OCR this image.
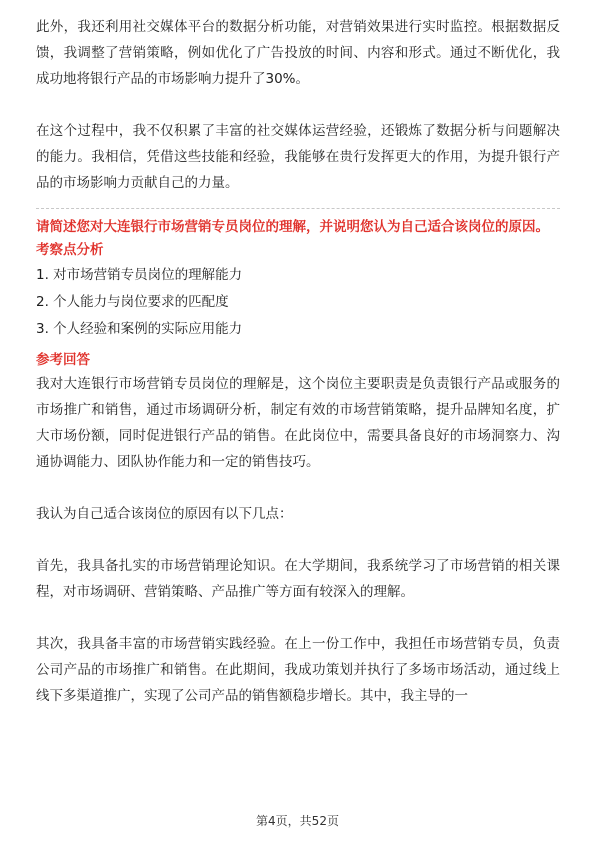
此外，我还利用社交媒体平台的数据分析功能，对营销效果进行实时监控。根据数据反馈，我调整了营销策略，例如优化了广告投放的时间、内容和形式。通过不断优化，我成功地将银行产品的市场影响力提升了30%。

在这个过程中，我不仅积累了丰富的社交媒体运营经验，还锻炼了数据分析与问题解决的能力。我相信，凭借这些技能和经验，我能够在贵行发挥更大的作用，为提升银行产品的市场影响力贡献自己的力量。

请简述您对大连银行市场营销专员岗位的理解，并说明您认为自己适合该岗位的原因。

考察点分析

1. 对市场营销专员岗位的理解能力

2. 个人能力与岗位要求的匹配度

3. 个人经验和案例的实际应用能力

参考回答

我对大连银行市场营销专员岗位的理解是，这个岗位主要职责是负责银行产品或服务的市场推广和销售，通过市场调研分析，制定有效的市场营销策略，提升品牌知名度，扩大市场份额，同时促进银行产品的销售。在此岗位中，需要具备良好的市场洞察力、沟通协调能力、团队协作能力和一定的销售技巧。

我认为自己适合该岗位的原因有以下几点：

首先，我具备扎实的市场营销理论知识。在大学期间，我系统学习了市场营销的相关课程，对市场调研、营销策略、产品推广等方面有较深入的理解。

其次，我具备丰富的市场营销实践经验。在上一份工作中，我担任市场营销专员，负责公司产品的市场推广和销售。在此期间，我成功策划并执行了多场市场活动，通过线上线下多渠道推广，实现了公司产品的销售额稳步增长。其中，我主导的一

第4页，共52页
